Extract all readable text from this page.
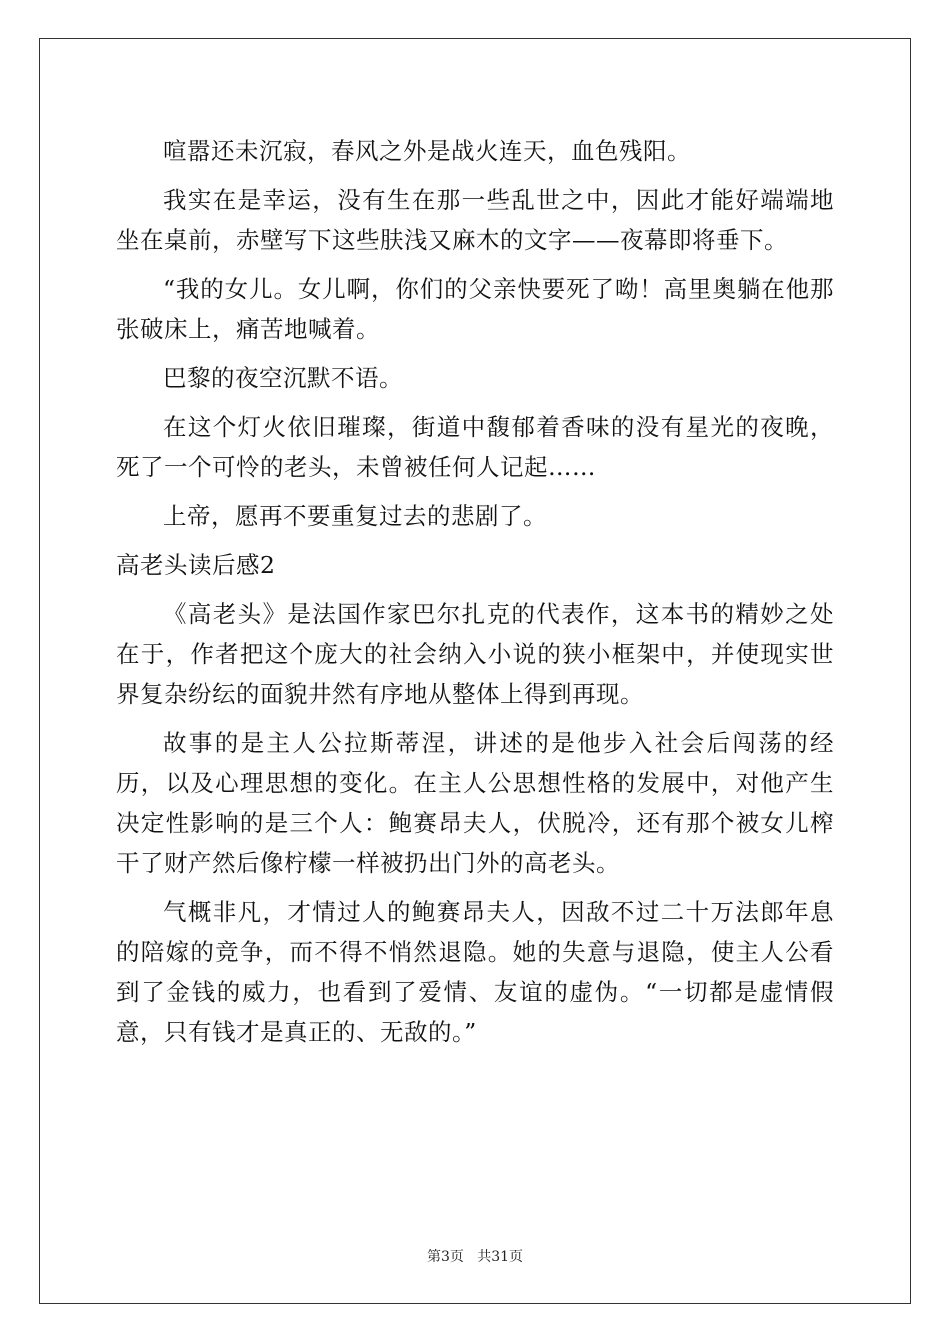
喧嚣还未沉寂，春风之外是战火连天，血色残阳。

我实在是幸运，没有生在那一些乱世之中，因此才能好端端地坐在桌前，赤壁写下这些肤浅又麻木的文字——夜幕即将垂下。

“我的女儿。女儿啊，你们的父亲快要死了呦！高里奥躺在他那张破床上，痛苦地喊着。

巴黎的夜空沉默不语。

在这个灯火依旧璀璨，街道中馥郁着香味的没有星光的夜晚，死了一个可怜的老头，未曾被任何人记起……

上帝，愿再不要重复过去的悲剧了。

高老头读后感2

《高老头》是法国作家巴尔扎克的代表作，这本书的精妙之处在于，作者把这个庞大的社会纳入小说的狭小框架中，并使现实世界复杂纷纭的面貌井然有序地从整体上得到再现。

故事的是主人公拉斯蒂涅，讲述的是他步入社会后闯荡的经历，以及心理思想的变化。在主人公思想性格的发展中，对他产生决定性影响的是三个人：鲍赛昂夫人，伏脱冷，还有那个被女儿榨干了财产然后像柠檬一样被扔出门外的高老头。

气概非凡，才情过人的鲍赛昂夫人，因敌不过二十万法郎年息的陪嫁的竞争，而不得不悄然退隐。她的失意与退隐，使主人公看到了金钱的威力，也看到了爱情、友谊的虚伪。“一切都是虚情假意，只有钱才是真正的、无敌的。”

第3页   共31页
